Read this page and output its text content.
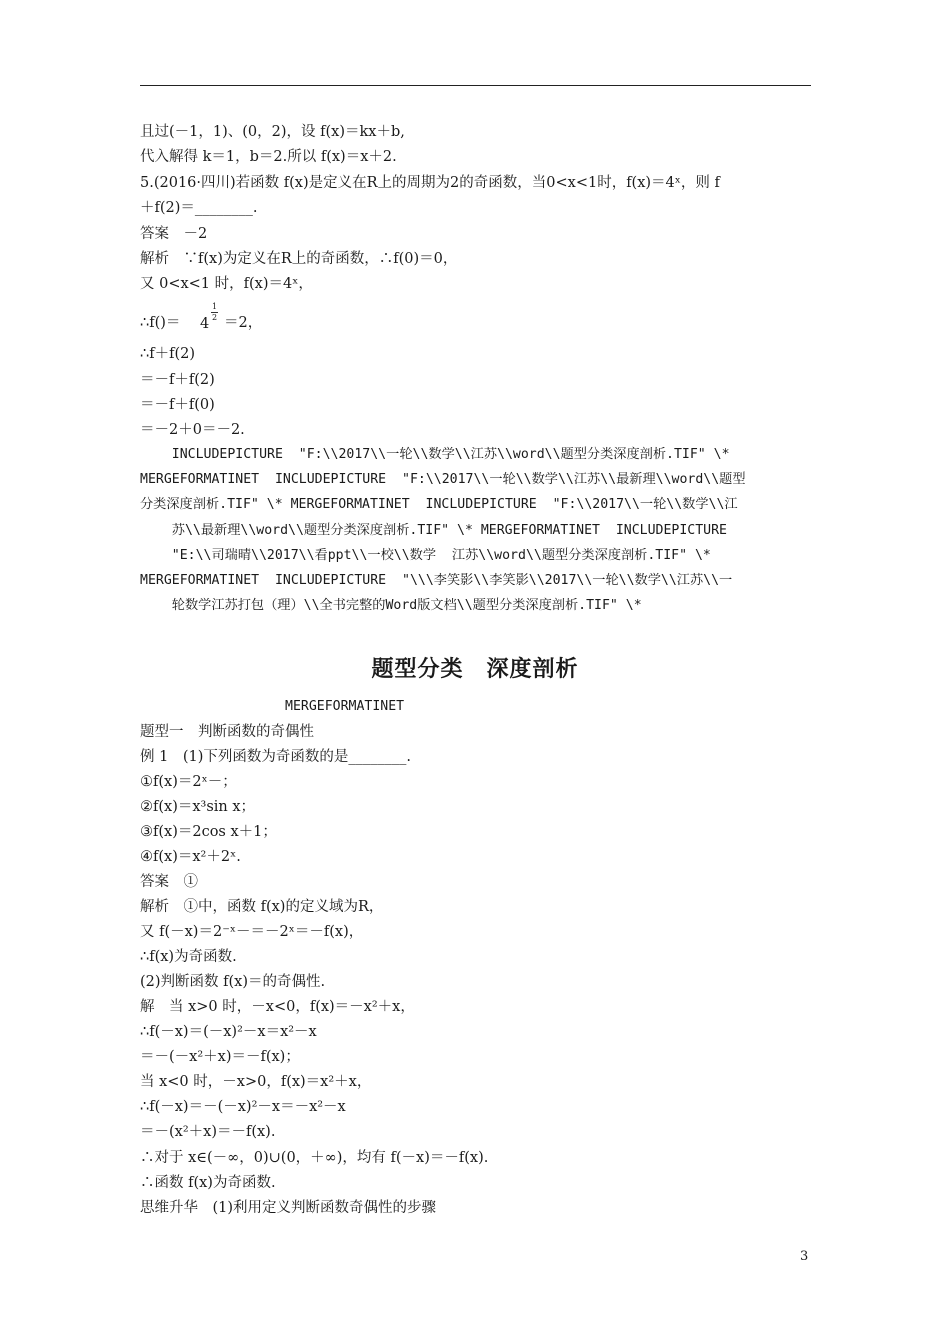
且过(－1，1)、(0，2)，设 f(x)＝kx＋b,
代入解得 k＝1，b＝2.所以 f(x)＝x＋2.
5.(2016·四川)若函数 f(x)是定义在R上的周期为2的奇函数，当0<x<1时，f(x)＝4ˣ，则 f
＋f(2)＝________.
答案　－2
解析　∵f(x)为定义在R上的奇函数，∴f(0)＝0，
又 0<x<1 时，f(x)＝4ˣ，
∴f()＝ 4
1
2 ＝2，
∴f＋f(2)
＝－f＋f(2)
＝－f＋f(0)
＝－2＋0＝－2.
INCLUDEPICTURE  "F:\\2017\\一轮\\数学\\江苏\\word\\题型分类深度剖析.TIF" \*
MERGEFORMATINET  INCLUDEPICTURE  "F:\\2017\\一轮\\数学\\江苏\\最新理\\word\\题型
分类深度剖析.TIF" \* MERGEFORMATINET  INCLUDEPICTURE  "F:\\2017\\一轮\\数学\\江
苏\\最新理\\word\\题型分类深度剖析.TIF" \* MERGEFORMATINET  INCLUDEPICTURE
"E:\\司瑞晴\\2017\\看ppt\\一校\\数学  江苏\\word\\题型分类深度剖析.TIF" \*
MERGEFORMATINET  INCLUDEPICTURE  "\\\李笑影\\李笑影\\2017\\一轮\\数学\\江苏\\一
轮数学江苏打包（理）\\全书完整的Word版文档\\题型分类深度剖析.TIF" \*
题型分类　深度剖析
MERGEFORMATINET
题型一　判断函数的奇偶性
例 1　(1)下列函数为奇函数的是________.
①f(x)＝2ˣ－；
②f(x)＝x³sin x；
③f(x)＝2cos x＋1；
④f(x)＝x²＋2ˣ.
答案　①
解析　①中，函数 f(x)的定义域为R，
又 f(－x)＝2⁻ˣ－＝－2ˣ＝－f(x)，
∴f(x)为奇函数.
(2)判断函数 f(x)＝的奇偶性.
解　当 x>0 时，－x<0，f(x)＝－x²＋x，
∴f(－x)＝(－x)²－x＝x²－x
＝－(－x²＋x)＝－f(x)；
当 x<0 时，－x>0，f(x)＝x²＋x，
∴f(－x)＝－(－x)²－x＝－x²－x
＝－(x²＋x)＝－f(x).
∴对于 x∈(－∞，0)∪(0，＋∞)，均有 f(－x)＝－f(x).
∴函数 f(x)为奇函数.
思维升华　(1)利用定义判断函数奇偶性的步骤
3
